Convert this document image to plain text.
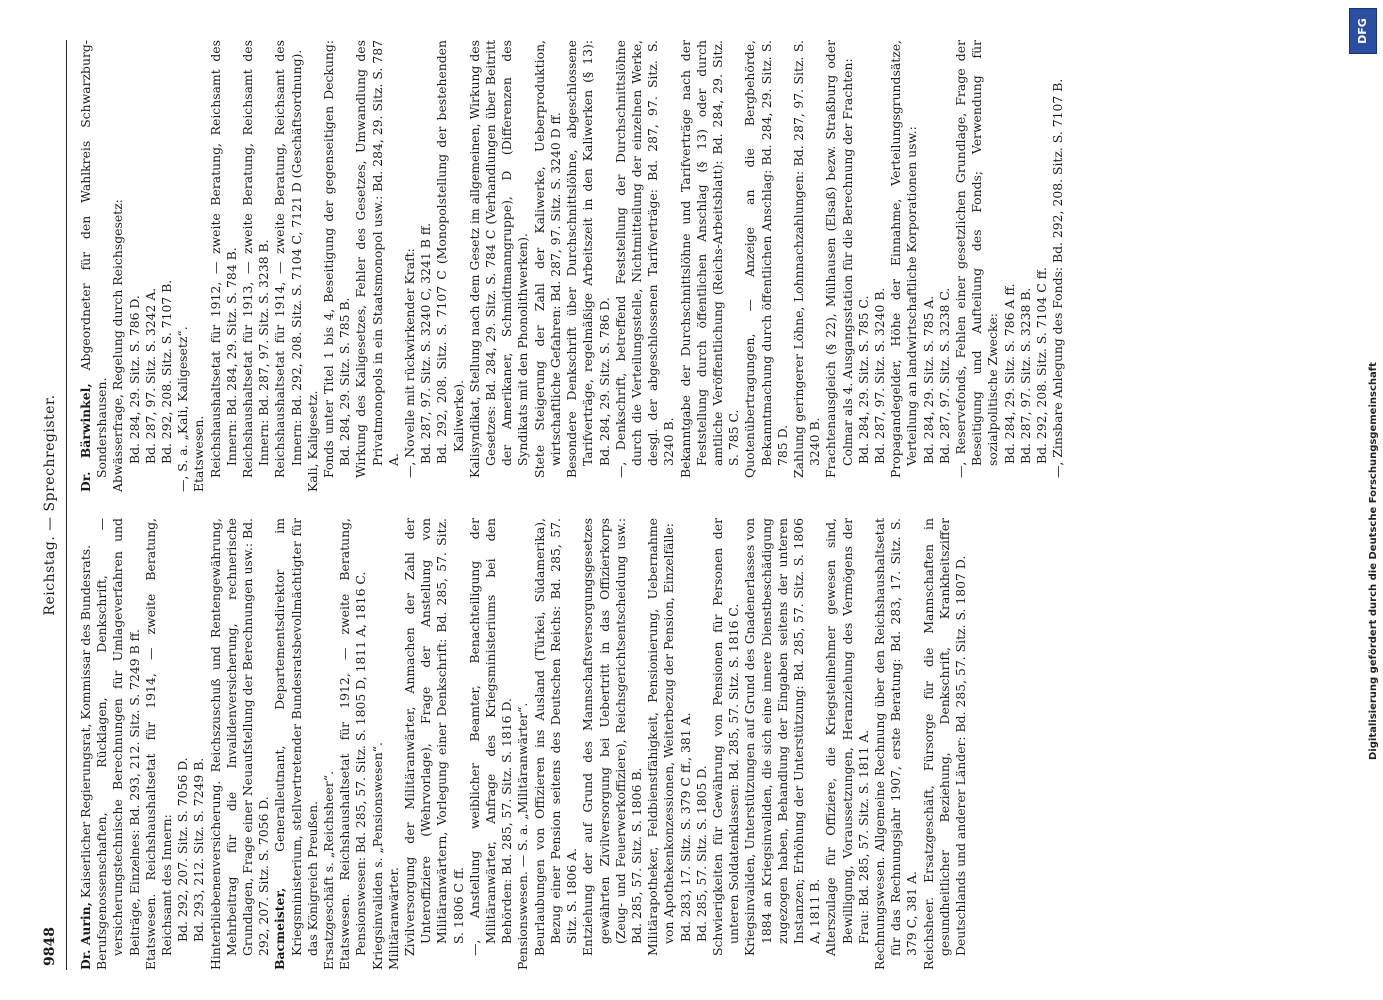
DFG
Digitalisierung gefördert durch die Deutsche Forschungsgemeinschaft
9848
Reichstag. — Sprechregister.

Dr. Aurin, Kaiserlicher Regierungsrat, Kommissar des Bundesrats. Berufsgenossenschaften, Rücklagen, Denkschrift, — versicherungstechnische Berechnungen für Umlageverfahren und Beiträge, Einzelnes: Bd. 293, 212. Sitz. S. 7249 B ff. Etatswesen. Reichshaushaltsetat für 1914, — zweite Beratung, Reichsamt des Innern: Bd. 292, 207. Sitz. S. 7056 D. Bd. 293, 212. Sitz. S. 7249 B. Hinterbliebenenversicherung. Reichszuschuß und Rentengewährung, Mehrbeitrag für die Invalidenversicherung, rechnerische Grundlagen, Frage einer Neuaufstellung der Berechnungen usw.: Bd. 292, 207. Sitz. S. 7056 D. Bacmeister, Generalleutnant, Departementsdirektor im Kriegsministerium, stellvertretender Bundesratsbevollmächtigter für das Königreich Preußen. Ersatzgeschäft s. „Reichsheer“. Etatswesen. Reichshaushaltsetat für 1912, — zweite Beratung, Pensionswesen: Bd. 285, 57. Sitz. S. 1805 D, 1811 A, 1816 C. Kriegsinvaliden s. „Pensionswesen“. Militäranwärter. Zivilversorgung der Militäranwärter, Anmachen der Zahl der Unteroffiziere (Wehrvorlage), Frage der Anstellung von Militäranwärtern, Vorlegung einer Denkschrift: Bd. 285, 57. Sitz. S. 1806 C ff. —, Anstellung weiblicher Beamter, Benachteiligung der Militäranwärter, Anfrage des Kriegsministeriums bei den Behörden: Bd. 285, 57. Sitz. S. 1816 D. Pensionswesen. — S. a. „Militäranwärter“. Beurlaubungen von Offizieren ins Ausland (Türkei, Südamerika), Bezug einer Pension seitens des Deutschen Reichs: Bd. 285, 57. Sitz. S. 1806 A. Entziehung der auf Grund des Mannschaftsversorgungsgesetzes gewährten Zivilversorgung bei Uebertritt in das Offizierkorps (Zeug- und Feuerwerkoffiziere), Reichsgerichtsentscheidung usw.: Bd. 285, 57. Sitz. S. 1806 B. Militärapotheker, Feldbienstfähigkeit, Pensionierung, Uebernahme von Apothekenkonzessionen, Weiterbezug der Pension, Einzelfälle: Bd. 283, 17. Sitz. S. 379 C ff., 381 A. Bd. 285, 57. Sitz. S. 1805 D. Schwierigkeiten für Gewährung von Pensionen für Personen der unteren Soldatenklassen: Bd. 285, 57. Sitz. S. 1816 C. Kriegsinvaliden, Unterstützungen auf Grund des Gnadenerlasses von 1884 an Kriegsinvaliden, die sich eine innere Dienstbeschädigung zugezogen haben, Behandlung der Eingaben seitens der unteren Instanzen; Erhöhung der Unterstützung: Bd. 285, 57. Sitz. S. 1806 A, 1811 B. Alterszulage für Offiziere, die Kriegsteilnehmer gewesen sind, Bewilligung, Voraussetzungen, Heranziehung des Vermögens der Frau: Bd. 285, 57. Sitz. S. 1811 A. Rechnungswesen. Allgemeine Rechnung über den Reichshaushaltsetat für das Rechnungsjahr 1907, erste Beratung: Bd. 283, 17. Sitz. S. 379 C, 381 A. Reichsheer. Ersatzgeschäft, Fürsorge für die Mannschaften in gesundheitlicher Beziehung, Denkschrift, Krankheitsziffer Deutschlands und anderer Länder: Bd. 285, 57. Sitz. S. 1807 D.

Dr. Bärwinkel, Abgeordneter für den Wahlkreis Schwarzburg-Sondershausen. Abwässerfrage, Regelung durch Reichsgesetz: Bd. 284, 29. Sitz. S. 786 D. Bd. 287, 97. Sitz. S. 3242 A. Bd. 292, 208. Sitz. S. 7107 B. —, S. a. „Kali, Kaligesetz“. Etatswesen. Reichshaushaltsetat für 1912, — zweite Beratung, Reichsamt des Innern: Bd. 284, 29. Sitz. S. 784 B. Reichshaushaltsetat für 1913, — zweite Beratung, Reichsamt des Innern: Bd. 287, 97. Sitz. S. 3238 B. Reichshaushaltsetat für 1914, — zweite Beratung, Reichsamt des Innern: Bd. 292, 208. Sitz. S. 7104 C, 7121 D (Geschäftsordnung). Kali, Kaligesetz. Fonds unter Titel 1 bis 4, Beseitigung der gegenseitigen Deckung: Bd. 284, 29. Sitz. S. 785 B. Wirkung des Kaligesetzes, Fehler des Gesetzes, Umwandlung des Privatmonopols in ein Staatsmonopol usw.: Bd. 284, 29. Sitz. S. 787 A. —, Novelle mit rückwirkender Kraft: Bd. 287, 97. Sitz. S. 3240 C, 3241 B ff. Bd. 292, 208. Sitz. S. 7107 C (Monopolstellung der bestehenden Kaliwerke). Kalisyndikat, Stellung nach dem Gesetz im allgemeinen, Wirkung des Gesetzes: Bd. 284, 29. Sitz. S. 784 C (Verhandlungen über Beitritt der Amerikaner, Schmidtmanngruppe), D (Differenzen des Syndikats mit den Phonolithwerken). Stete Steigerung der Zahl der Kaliwerke, Ueberproduktion, wirtschaftliche Gefahren: Bd. 287, 97. Sitz. S. 3240 D ff. Besondere Denkschrift über Durchschnittslöhne, abgeschlossene Tarifverträge, regelmäßige Arbeitszeit in den Kaliwerken (§ 13): Bd. 284, 29. Sitz. S. 786 D. —, Denkschrift, betreffend Feststellung der Durchschnittslöhne durch die Verteilungsstelle, Nichtmitteilung der einzelnen Werke, desgl. der abgeschlossenen Tarifverträge: Bd. 287, 97. Sitz. S. 3240 B. Bekanntgabe der Durchschnittslöhne und Tarifverträge nach der Feststellung durch öffentlichen Anschlag (§ 13) oder durch amtliche Veröffentlichung (Reichs-Arbeitsblatt): Bd. 284, 29. Sitz. S. 785 C. Quotenübertragungen, — Anzeige an die Bergbehörde, Bekanntmachung durch öffentlichen Anschlag: Bd. 284, 29. Sitz. S. 785 D. Zahlung geringerer Löhne, Lohnnachzahlungen: Bd. 287, 97. Sitz. S. 3240 B. Frachtenausgleich (§ 22), Mülhausen (Elsaß) bezw. Straßburg oder Colmar als 4. Ausgangsstation für die Berechnung der Frachten: Bd. 284, 29. Sitz. S. 785 C. Bd. 287, 97. Sitz. S. 3240 B. Propagandegelder, Höhe der Einnahme, Verteilungsgrundsätze, Verteilung an landwirtschaftliche Korporationen usw.: Bd. 284, 29. Sitz. S. 785 A. Bd. 287, 97. Sitz. S. 3238 C. —, Reservefonds, Fehlen einer gesetzlichen Grundlage, Frage der Beseitigung und Aufteilung des Fonds; Verwendung für sozialpolitische Zwecke: Bd. 284, 29. Sitz. S. 786 A ff. Bd. 287, 97. Sitz. S. 3238 B. Bd. 292, 208. Sitz. S. 7104 C ff. —, Zinsbare Anlegung des Fonds: Bd. 292, 208. Sitz. S. 7107 B.
